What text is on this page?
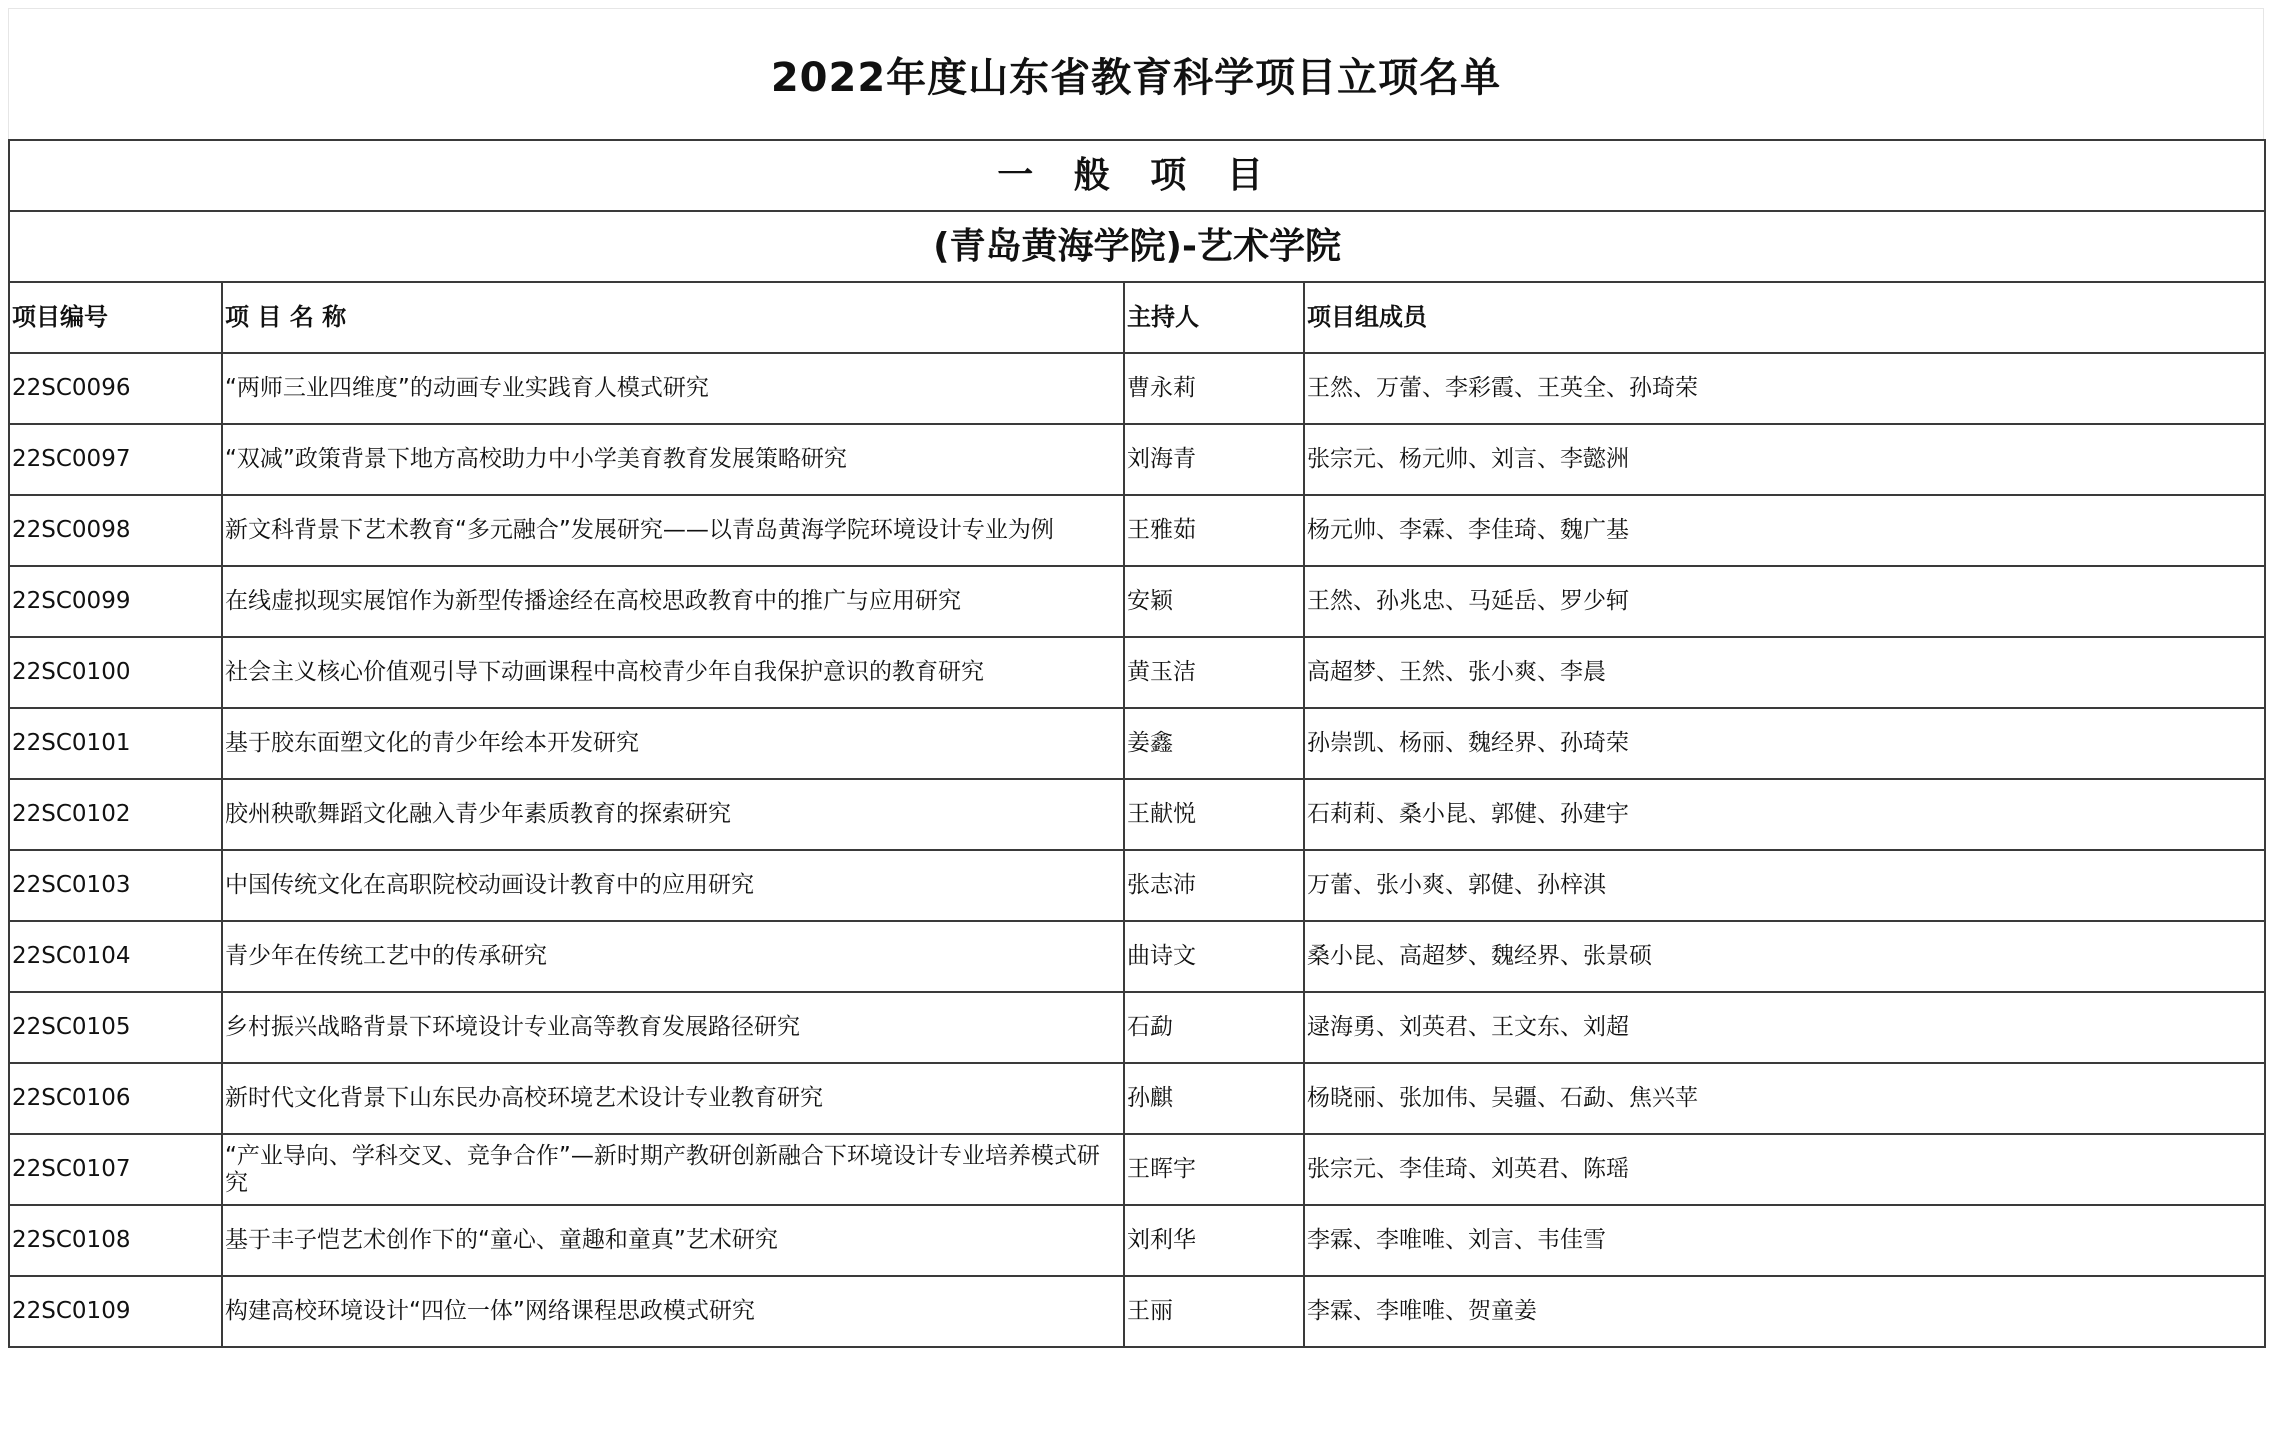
2022年度山东省教育科学项目立项名单
一 般 项 目			
(青岛黄海学院)-艺术学院			
项目编号	项 目 名 称	主持人	项目组成员
22SC0096	“两师三业四维度”的动画专业实践育人模式研究	曹永莉	王然、万蕾、李彩霞、王英全、孙琦荣
22SC0097	“双减”政策背景下地方高校助力中小学美育教育发展策略研究	刘海青	张宗元、杨元帅、刘言、李懿洲
22SC0098	新文科背景下艺术教育“多元融合”发展研究——以青岛黄海学院环境设计专业为例	王雅茹	杨元帅、李霖、李佳琦、魏广基
22SC0099	在线虚拟现实展馆作为新型传播途经在高校思政教育中的推广与应用研究	安颖	王然、孙兆忠、马延岳、罗少轲
22SC0100	社会主义核心价值观引导下动画课程中高校青少年自我保护意识的教育研究	黄玉洁	高超梦、王然、张小爽、李晨
22SC0101	基于胶东面塑文化的青少年绘本开发研究	姜鑫	孙崇凯、杨丽、魏经界、孙琦荣
22SC0102	胶州秧歌舞蹈文化融入青少年素质教育的探索研究	王献悦	石莉莉、桑小昆、郭健、孙建宇
22SC0103	中国传统文化在高职院校动画设计教育中的应用研究	张志沛	万蕾、张小爽、郭健、孙梓淇
22SC0104	青少年在传统工艺中的传承研究	曲诗文	桑小昆、高超梦、魏经界、张景硕
22SC0105	乡村振兴战略背景下环境设计专业高等教育发展路径研究	石勐	逯海勇、刘英君、王文东、刘超
22SC0106	新时代文化背景下山东民办高校环境艺术设计专业教育研究	孙麒	杨晓丽、张加伟、吴疆、石勐、焦兴苹
22SC0107	“产业导向、学科交叉、竞争合作”—新时期产教研创新融合下环境设计专业培养模式研究	王晖宇	张宗元、李佳琦、刘英君、陈瑶
22SC0108	基于丰子恺艺术创作下的“童心、童趣和童真”艺术研究	刘利华	李霖、李唯唯、刘言、韦佳雪
22SC0109	构建高校环境设计“四位一体”网络课程思政模式研究	王丽	李霖、李唯唯、贺童姜
